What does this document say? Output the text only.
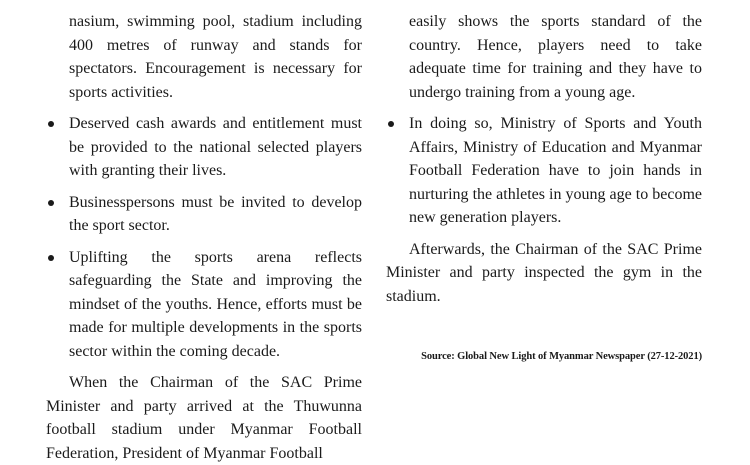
nasium, swimming pool, stadium including 400 metres of runway and stands for spectators. Encouragement is necessary for sports activities.

Deserved cash awards and entitlement must be provided to the national selected players with granting their lives.
Businesspersons must be invited to develop the sport sector.
Uplifting the sports arena reflects safeguarding the State and improving the mindset of the youths. Hence, efforts must be made for multiple developments in the sports sector within the coming decade.

When the Chairman of the SAC Prime Minister and party arrived at the Thuwunna football stadium under Myanmar Football Federation, President of Myanmar Football

easily shows the sports standard of the country. Hence, players need to take adequate time for training and they have to undergo training from a young age.

In doing so, Ministry of Sports and Youth Affairs, Ministry of Education and Myanmar Football Federation have to join hands in nurturing the athletes in young age to become new generation players.

Afterwards, the Chairman of the SAC Prime Minister and party inspected the gym in the stadium.

Source: Global New Light of Myanmar Newspaper (27-12-2021)
